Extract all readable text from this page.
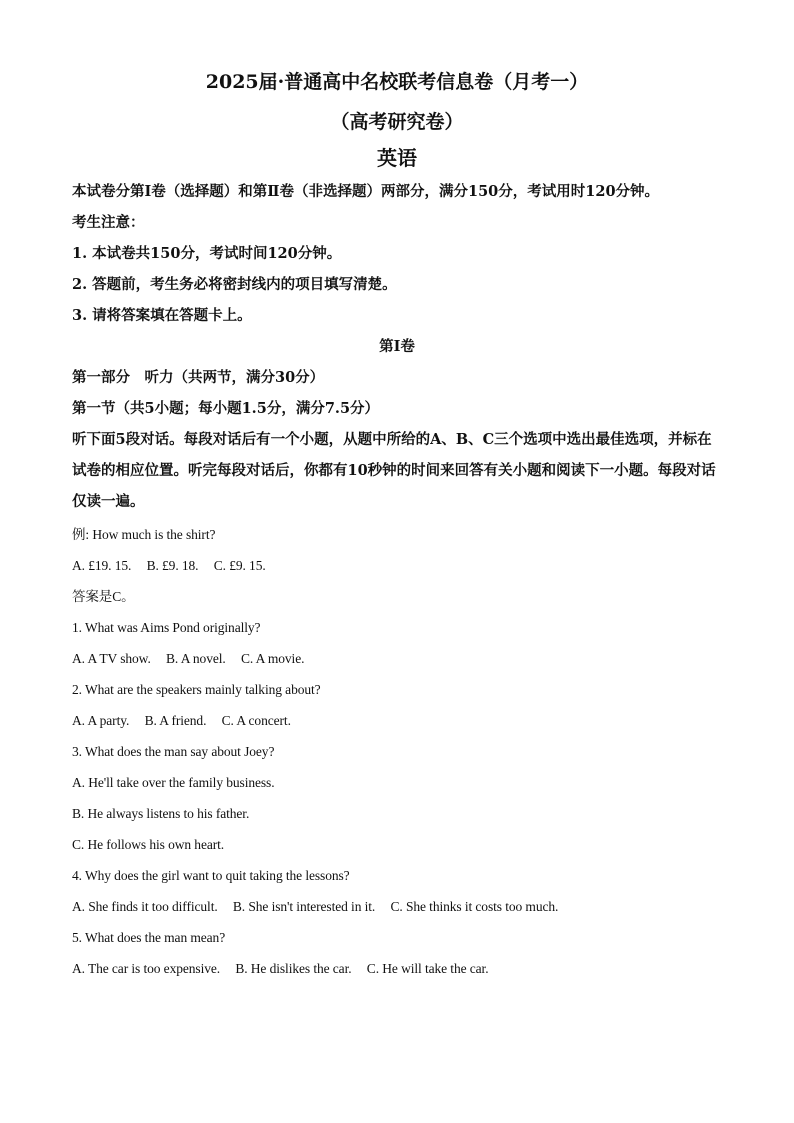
2025届·普通高中名校联考信息卷（月考一）
（高考研究卷）
英语

本试卷分第Ⅰ卷（选择题）和第Ⅱ卷（非选择题）两部分，满分150分，考试用时120分钟。

考生注意：

1. 本试卷共150分，考试时间120分钟。

2. 答题前，考生务必将密封线内的项目填写清楚。

3. 请将答案填在答题卡上。

第Ⅰ卷

第一部分　听力（共两节，满分30分）

第一节（共5小题；每小题1.5分，满分7.5分）

听下面5段对话。每段对话后有一个小题，从题中所给的A、B、C三个选项中选出最佳选项，并标在试卷的相应位置。听完每段对话后，你都有10秒钟的时间来回答有关小题和阅读下一小题。每段对话仅读一遍。

例: How much is the shirt?

A. £19. 15. B. £9. 18. C. £9. 15.

答案是C。

1. What was Aims Pond originally?

A. A TV show. B. A novel. C. A movie.

2. What are the speakers mainly talking about?

A. A party. B. A friend. C. A concert.

3. What does the man say about Joey?

A. He'll take over the family business.

B. He always listens to his father.

C. He follows his own heart.

4. Why does the girl want to quit taking the lessons?

A. She finds it too difficult. B. She isn't interested in it. C. She thinks it costs too much.

5. What does the man mean?

A. The car is too expensive. B. He dislikes the car. C. He will take the car.
